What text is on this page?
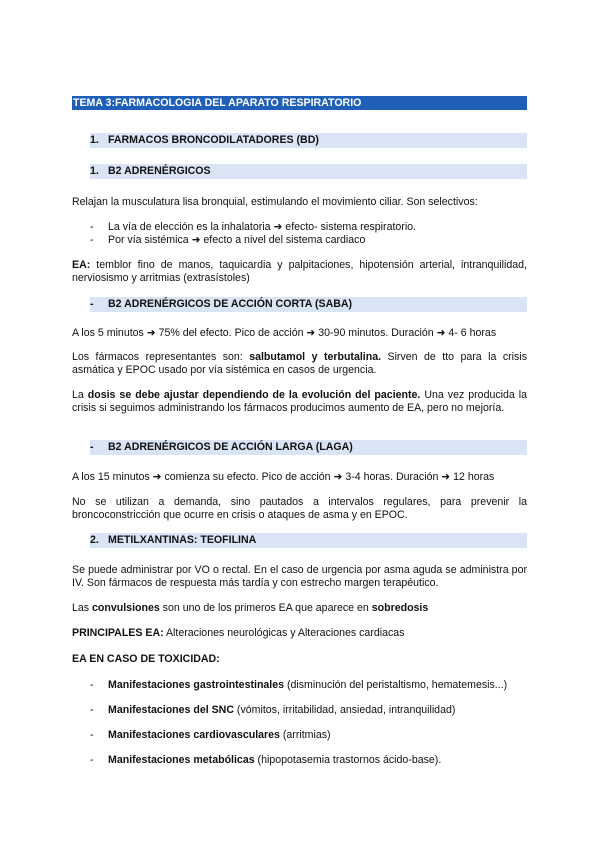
TEMA 3:FARMACOLOGIA DEL APARATO RESPIRATORIO
1. FARMACOS BRONCODILATADORES (BD)
1. B2 ADRENÉRGICOS

Relajan la musculatura lisa bronquial, estimulando el movimiento ciliar. Son selectivos:

- La vía de elección es la inhalatoria ➜ efecto- sistema respiratorio.
- Por vía sistémica ➜ efecto a nivel del sistema cardiaco

EA: temblor fino de manos, taquicardia y palpitaciones, hipotensión arterial, intranquilidad, nerviosismo y arritmias (extrasístoles)

- B2 ADRENÉRGICOS DE ACCIÓN CORTA (SABA)

A los 5 minutos ➜ 75% del efecto. Pico de acción ➜ 30-90 minutos. Duración ➜ 4- 6 horas

Los fármacos representantes son: salbutamol y terbutalina. Sirven de tto para la crisis asmática y EPOC usado por vía sistémica en casos de urgencia.

La dosis se debe ajustar dependiendo de la evolución del paciente. Una vez producida la crisis si seguimos administrando los fármacos producimos aumento de EA, pero no mejoría.

- B2 ADRENÉRGICOS DE ACCIÓN LARGA (LAGA)

A los 15 minutos ➜ comienza su efecto. Pico de acción ➜ 3-4 horas. Duración ➜ 12 horas

No se utilizan a demanda, sino pautados a intervalos regulares, para prevenir la broncoconstricción que ocurre en crisis o ataques de asma y en EPOC.

2. METILXANTINAS: TEOFILINA

Se puede administrar por VO o rectal. En el caso de urgencia por asma aguda se administra por IV. Son fármacos de respuesta más tardía y con estrecho margen terapéutico.

Las convulsiones son uno de los primeros EA que aparece en sobredosis

PRINCIPALES EA: Alteraciones neurológicas y Alteraciones cardiacas

EA EN CASO DE TOXICIDAD:

- Manifestaciones gastrointestinales (disminución del peristaltismo, hematemesis...)
- Manifestaciones del SNC (vómitos, irritabilidad, ansiedad, intranquilidad)
- Manifestaciones cardiovasculares (arritmias)
- Manifestaciones metabólicas (hipopotasemia trastornos ácido-base).
